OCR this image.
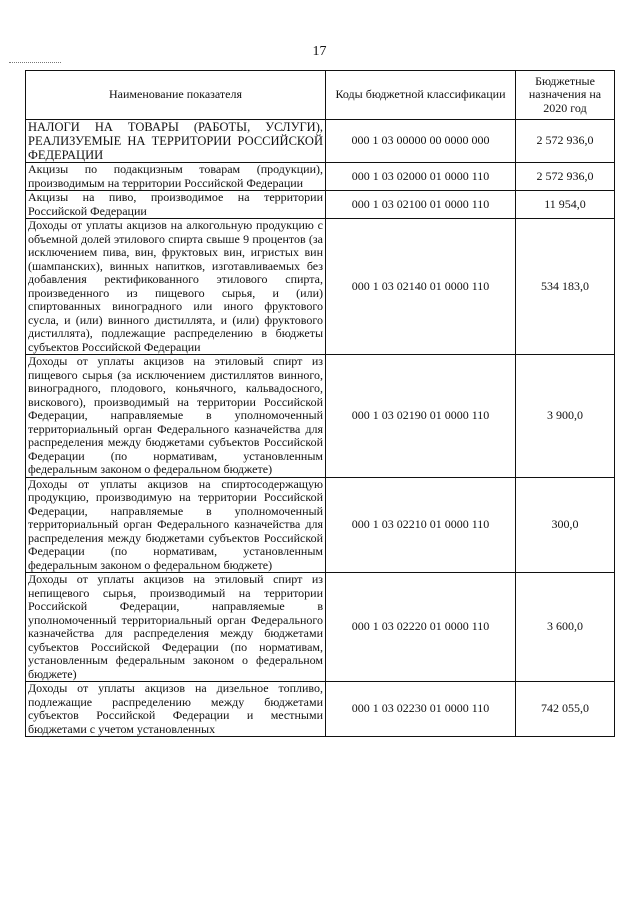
17
Наименование показателя	Коды бюджетной классификации	Бюджетные назначения на 2020 год
НАЛОГИ НА ТОВАРЫ (РАБОТЫ, УСЛУГИ), РЕАЛИЗУЕМЫЕ НА ТЕРРИТОРИИ РОССИЙСКОЙ ФЕДЕРАЦИИ	000 1 03 00000 00 0000 000	2 572 936,0
Акцизы по подакцизным товарам (продукции), производимым на территории Российской Федерации	000 1 03 02000 01 0000 110	2 572 936,0
Акцизы на пиво, производимое на территории Российской Федерации	000 1 03 02100 01 0000 110	11 954,0
Доходы от уплаты акцизов на алкогольную продукцию с объемной долей этилового спирта свыше 9 процентов (за исключением пива, вин, фруктовых вин, игристых вин (шампанских), винных напитков, изготавливаемых без добавления ректификованного этилового спирта, произведенного из пищевого сырья, и (или) спиртованных виноградного или иного фруктового сусла, и (или) винного дистиллята, и (или) фруктового дистиллята), подлежащие распределению в бюджеты субъектов Российской Федерации	000 1 03 02140 01 0000 110	534 183,0
Доходы от уплаты акцизов на этиловый спирт из пищевого сырья (за исключением дистиллятов винного, виноградного, плодового, коньячного, кальвадосного, вискового), производимый на территории Российской Федерации, направляемые в уполномоченный территориальный орган Федерального казначейства для распределения между бюджетами субъектов Российской Федерации (по нормативам, установленным федеральным законом о федеральном бюджете)	000 1 03 02190 01 0000 110	3 900,0
Доходы от уплаты акцизов на спиртосодержащую продукцию, производимую на территории Российской Федерации, направляемые в уполномоченный территориальный орган Федерального казначейства для распределения между бюджетами субъектов Российской Федерации (по нормативам, установленным федеральным законом о федеральном бюджете)	000 1 03 02210 01 0000 110	300,0
Доходы от уплаты акцизов на этиловый спирт из непищевого сырья, производимый на территории Российской Федерации, направляемые в уполномоченный территориальный орган Федерального казначейства для распределения между бюджетами субъектов Российской Федерации (по нормативам, установленным федеральным законом о федеральном бюджете)	000 1 03 02220 01 0000 110	3 600,0
Доходы от уплаты акцизов на дизельное топливо, подлежащие распределению между бюджетами субъектов Российской Федерации и местными бюджетами с учетом установленных	000 1 03 02230 01 0000 110	742 055,0
